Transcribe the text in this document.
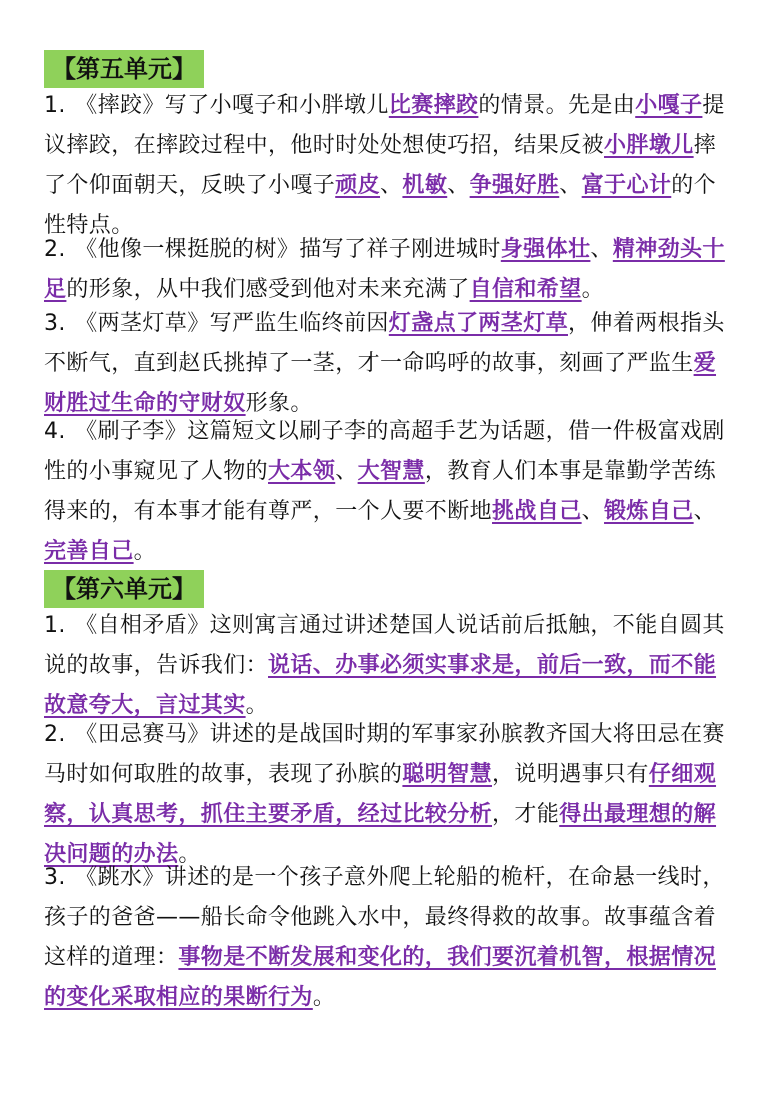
【第五单元】
1. 《摔跤》写了小嘎子和小胖墩儿比赛摔跤的情景。先是由小嘎子提议摔跤，在摔跤过程中，他时时处处想使巧招，结果反被小胖墩儿摔了个仰面朝天，反映了小嘎子顽皮、机敏、争强好胜、富于心计的个性特点。
2. 《他像一棵挺脱的树》描写了祥子刚进城时身强体壮、精神劲头十足的形象，从中我们感受到他对未来充满了自信和希望。
3. 《两茎灯草》写严监生临终前因灯盏点了两茎灯草，伸着两根指头不断气，直到赵氏挑掉了一茎，才一命呜呼的故事，刻画了严监生爱财胜过生命的守财奴形象。
4. 《刷子李》这篇短文以刷子李的高超手艺为话题，借一件极富戏剧性的小事窥见了人物的大本领、大智慧，教育人们本事是靠勤学苦练得来的，有本事才能有尊严，一个人要不断地挑战自己、锻炼自己、完善自己。
【第六单元】
1. 《自相矛盾》这则寓言通过讲述楚国人说话前后抵触，不能自圆其说的故事，告诉我们：说话、办事必须实事求是，前后一致，而不能故意夸大，言过其实。
2. 《田忌赛马》讲述的是战国时期的军事家孙膑教齐国大将田忌在赛马时如何取胜的故事，表现了孙膑的聪明智慧，说明遇事只有仔细观察，认真思考，抓住主要矛盾，经过比较分析，才能得出最理想的解决问题的办法。
3. 《跳水》讲述的是一个孩子意外爬上轮船的桅杆，在命悬一线时，孩子的爸爸——船长命令他跳入水中，最终得救的故事。故事蕴含着这样的道理：事物是不断发展和变化的，我们要沉着机智，根据情况的变化采取相应的果断行为。
